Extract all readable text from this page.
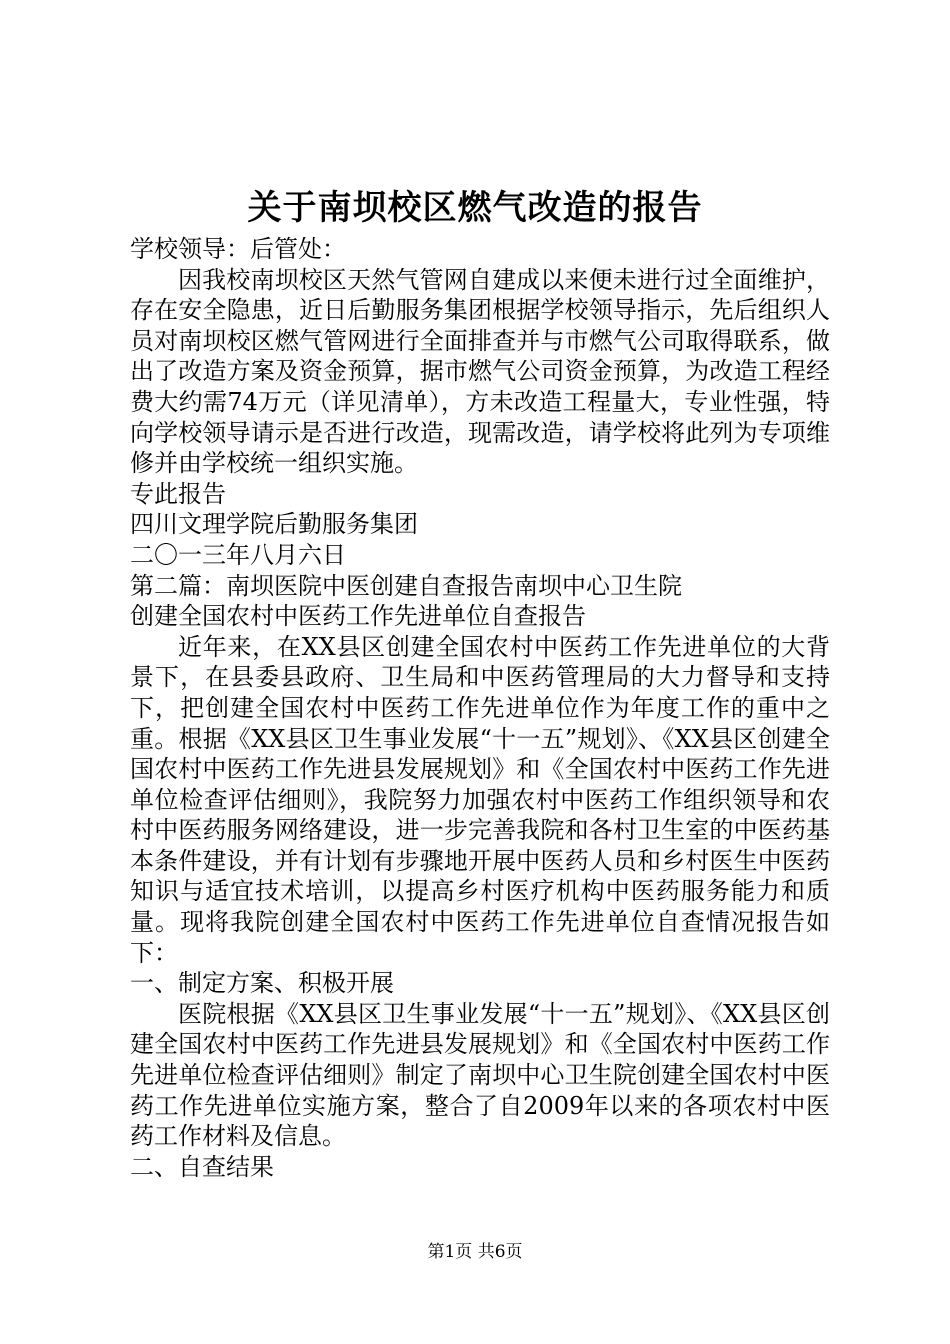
关于南坝校区燃气改造的报告

学校领导：后管处：

因我校南坝校区天然气管网自建成以来便未进行过全面维护，存在安全隐患，近日后勤服务集团根据学校领导指示，先后组织人员对南坝校区燃气管网进行全面排查并与市燃气公司取得联系，做出了改造方案及资金预算，据市燃气公司资金预算，为改造工程经费大约需74万元（详见清单），方未改造工程量大，专业性强，特向学校领导请示是否进行改造，现需改造，请学校将此列为专项维修并由学校统一组织实施。

专此报告

四川文理学院后勤服务集团

二〇一三年八月六日

第二篇：南坝医院中医创建自查报告南坝中心卫生院

创建全国农村中医药工作先进单位自查报告

近年来，在XX县区创建全国农村中医药工作先进单位的大背景下，在县委县政府、卫生局和中医药管理局的大力督导和支持下，把创建全国农村中医药工作先进单位作为年度工作的重中之重。根据《XX县区卫生事业发展“十一五”规划》、《XX县区创建全国农村中医药工作先进县发展规划》和《全国农村中医药工作先进单位检查评估细则》，我院努力加强农村中医药工作组织领导和农村中医药服务网络建设，进一步完善我院和各村卫生室的中医药基本条件建设，并有计划有步骤地开展中医药人员和乡村医生中医药知识与适宜技术培训，以提高乡村医疗机构中医药服务能力和质量。现将我院创建全国农村中医药工作先进单位自查情况报告如下：

一、制定方案、积极开展

医院根据《XX县区卫生事业发展“十一五”规划》、《XX县区创建全国农村中医药工作先进县发展规划》和《全国农村中医药工作先进单位检查评估细则》制定了南坝中心卫生院创建全国农村中医药工作先进单位实施方案，整合了自2009年以来的各项农村中医药工作材料及信息。

二、自查结果

第1页 共6页
